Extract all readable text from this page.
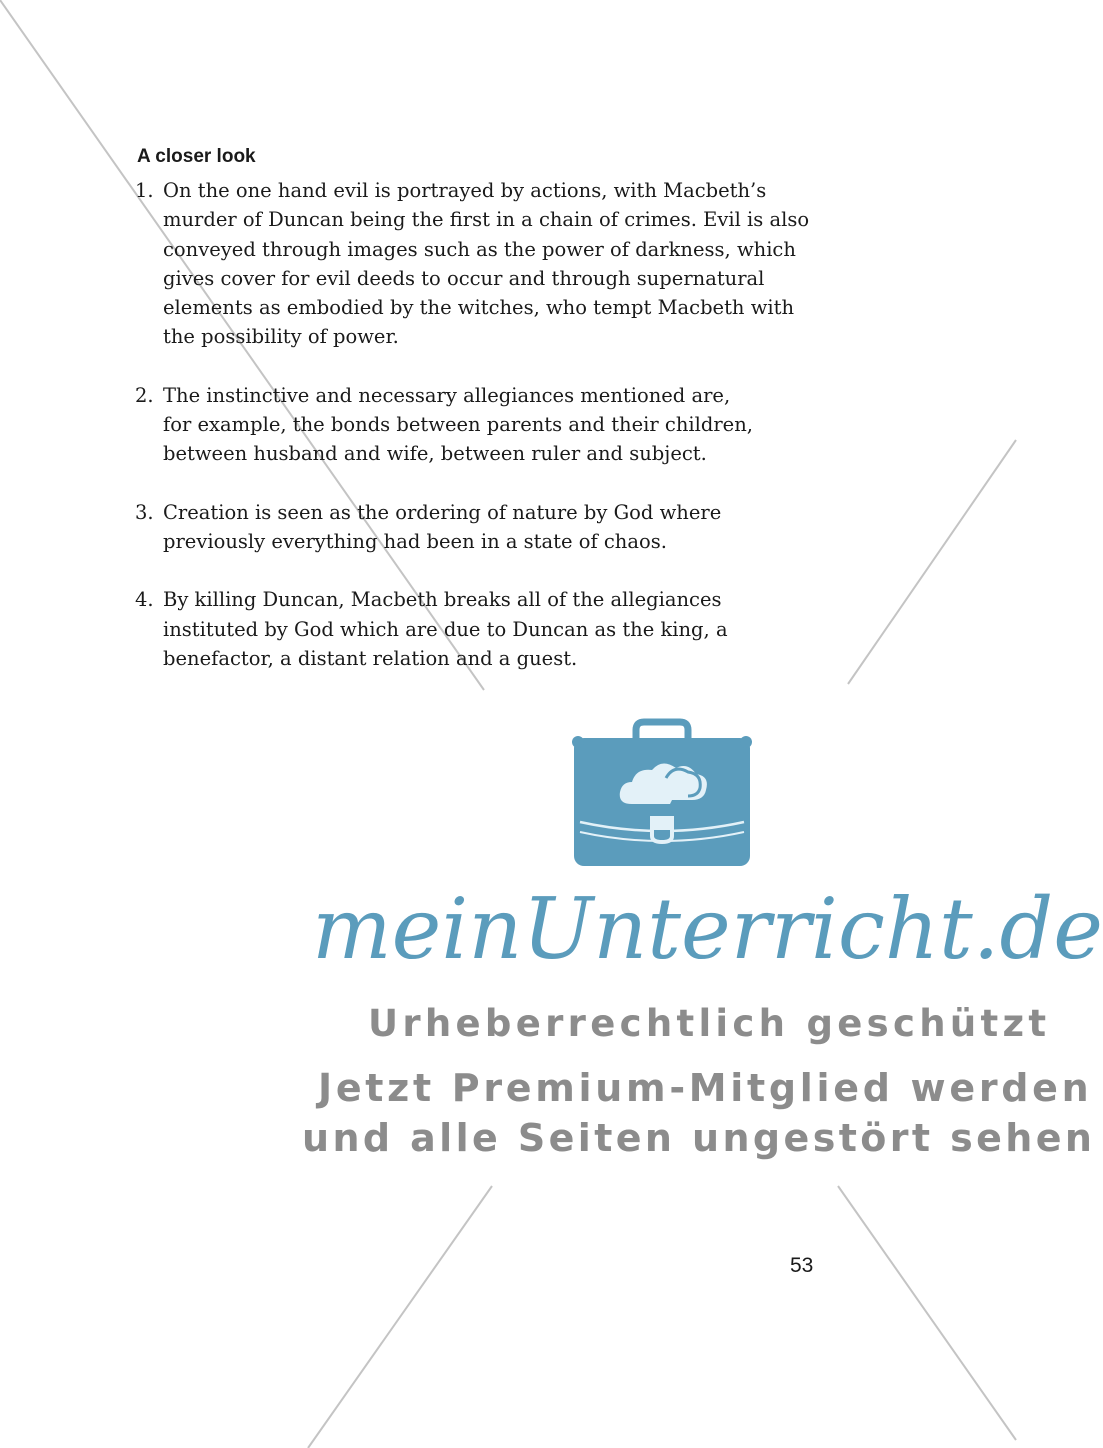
A closer look
1. On the one hand evil is portrayed by actions, with Macbeth’s
murder of Duncan being the first in a chain of crimes. Evil is also
conveyed through images such as the power of darkness, which
gives cover for evil deeds to occur and through supernatural
elements as embodied by the witches, who tempt Macbeth with
the possibility of power.
2. The instinctive and necessary allegiances mentioned are,
for example, the bonds between parents and their children,
between husband and wife, between ruler and subject.
3. Creation is seen as the ordering of nature by God where
previously everything had been in a state of chaos.
4. By killing Duncan, Macbeth breaks all of the allegiances
instituted by God which are due to Duncan as the king, a
benefactor, a distant relation and a guest.
meinUnterricht.de
Urheberrechtlich geschützt
Jetzt Premium-Mitglied werden
und alle Seiten ungestört sehen
53
